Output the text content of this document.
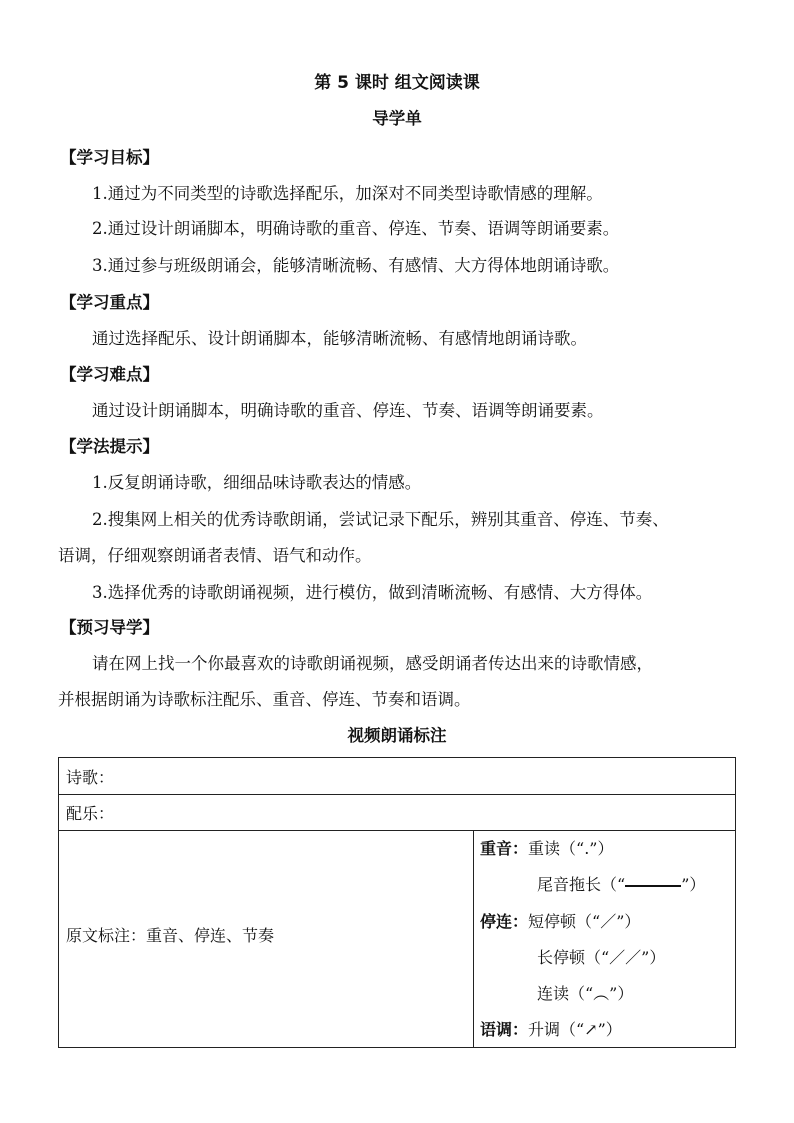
第 5 课时 组文阅读课
导学单
【学习目标】
1.通过为不同类型的诗歌选择配乐，加深对不同类型诗歌情感的理解。
2.通过设计朗诵脚本，明确诗歌的重音、停连、节奏、语调等朗诵要素。
3.通过参与班级朗诵会，能够清晰流畅、有感情、大方得体地朗诵诗歌。
【学习重点】
通过选择配乐、设计朗诵脚本，能够清晰流畅、有感情地朗诵诗歌。
【学习难点】
通过设计朗诵脚本，明确诗歌的重音、停连、节奏、语调等朗诵要素。
【学法提示】
1.反复朗诵诗歌，细细品味诗歌表达的情感。
2.搜集网上相关的优秀诗歌朗诵，尝试记录下配乐，辨别其重音、停连、节奏、
语调，仔细观察朗诵者表情、语气和动作。
3.选择优秀的诗歌朗诵视频，进行模仿，做到清晰流畅、有感情、大方得体。
【预习导学】
请在网上找一个你最喜欢的诗歌朗诵视频，感受朗诵者传达出来的诗歌情感，
并根据朗诵为诗歌标注配乐、重音、停连、节奏和语调。
视频朗诵标注
诗歌：
配乐：
原文标注：重音、停连、节奏
重音：重读（“.”）
尾音拖长（“	”）
停连：短停顿（“／”）
长停顿（“／／”）
连读（“︵”）
语调：升调（“↗”）
